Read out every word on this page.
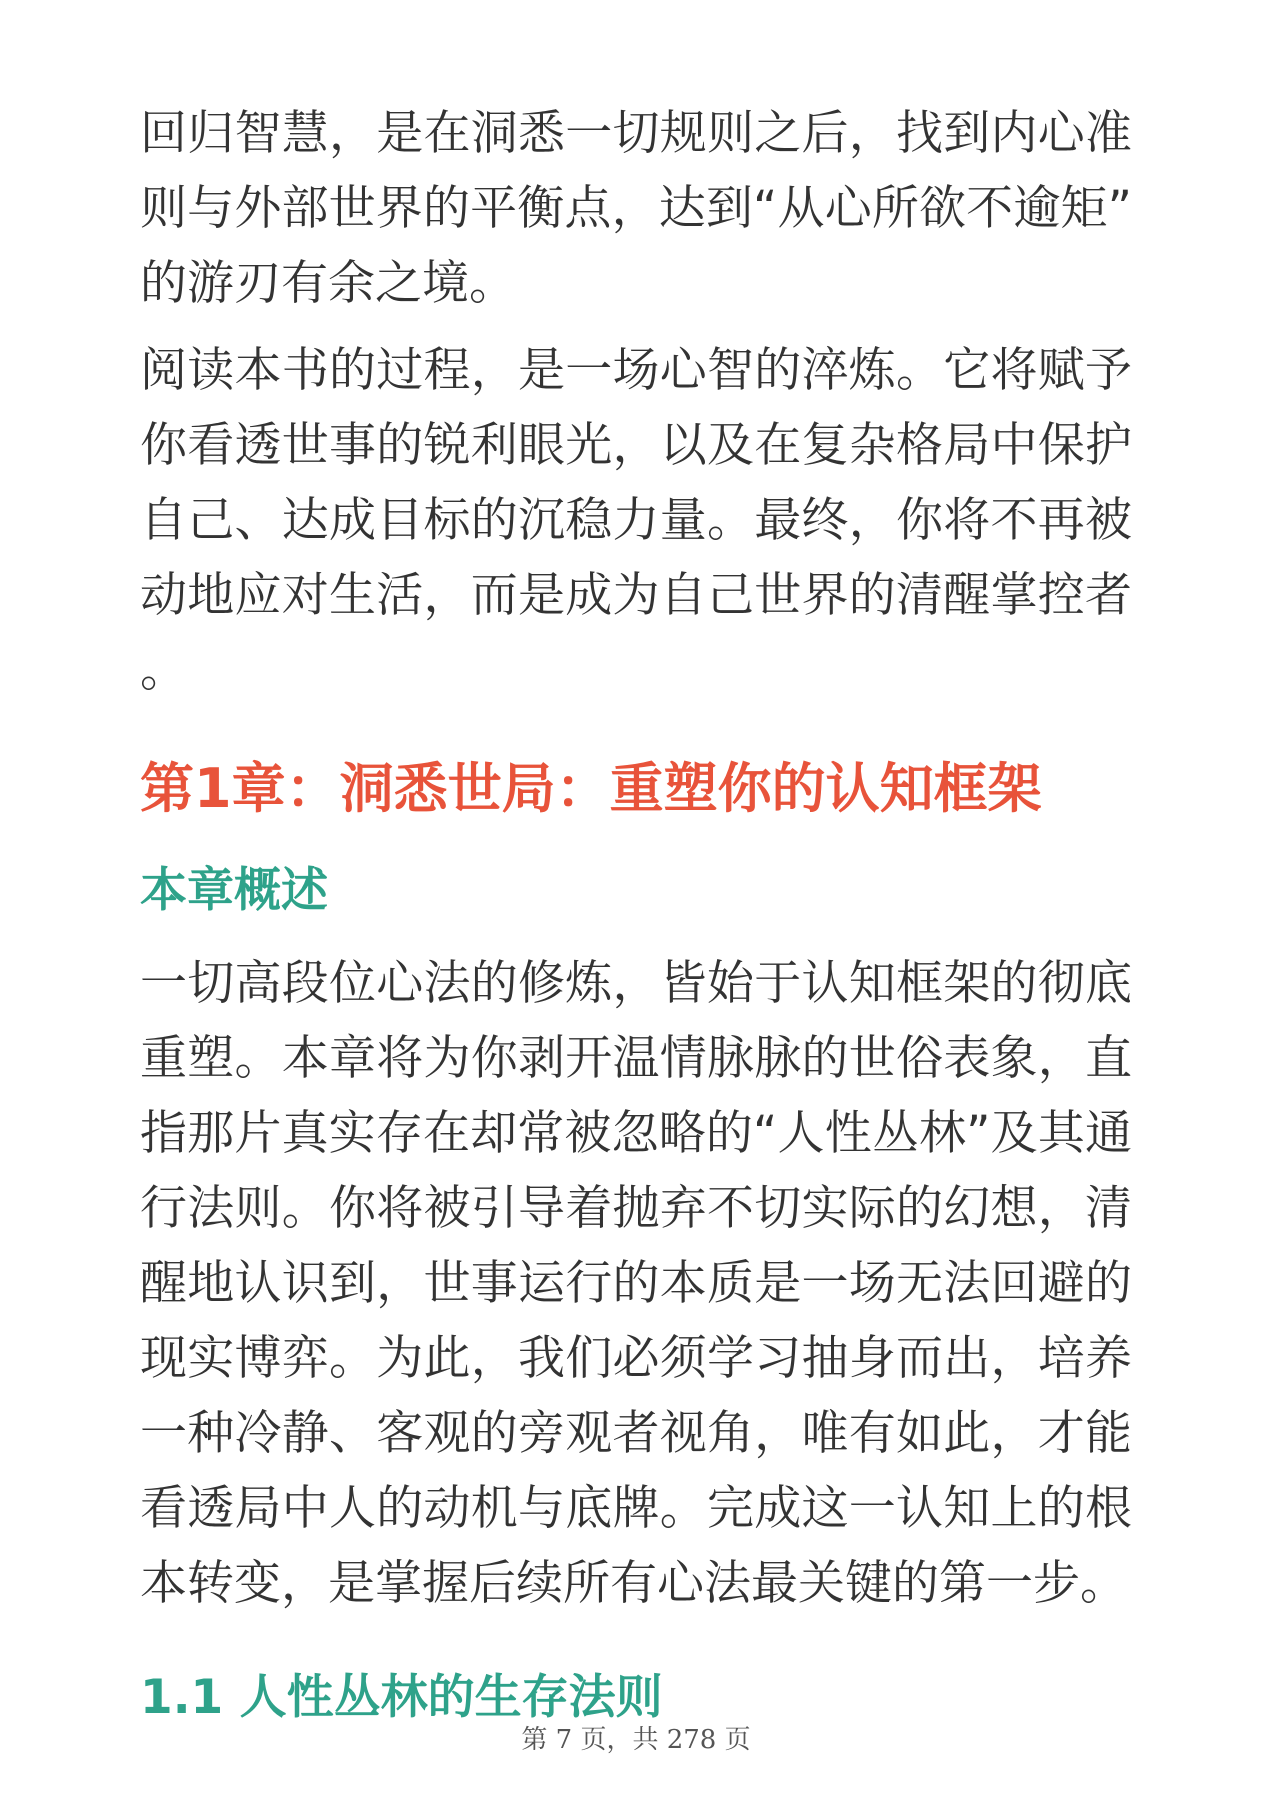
回归智慧，是在洞悉一切规则之后，找到内心准则与外部世界的平衡点，达到“从心所欲不逾矩”的游刃有余之境。

阅读本书的过程，是一场心智的淬炼。它将赋予你看透世事的锐利眼光，以及在复杂格局中保护自己、达成目标的沉稳力量。最终，你将不再被动地应对生活，而是成为自己世界的清醒掌控者。

第1章：洞悉世局：重塑你的认知框架
本章概述

一切高段位心法的修炼，皆始于认知框架的彻底重塑。本章将为你剥开温情脉脉的世俗表象，直指那片真实存在却常被忽略的“人性丛林”及其通行法则。你将被引导着抛弃不切实际的幻想，清醒地认识到，世事运行的本质是一场无法回避的现实博弈。为此，我们必须学习抽身而出，培养一种冷静、客观的旁观者视角，唯有如此，才能看透局中人的动机与底牌。完成这一认知上的根本转变，是掌握后续所有心法最关键的第一步。

1.1 人性丛林的生存法则
第 7 页，共 278 页
